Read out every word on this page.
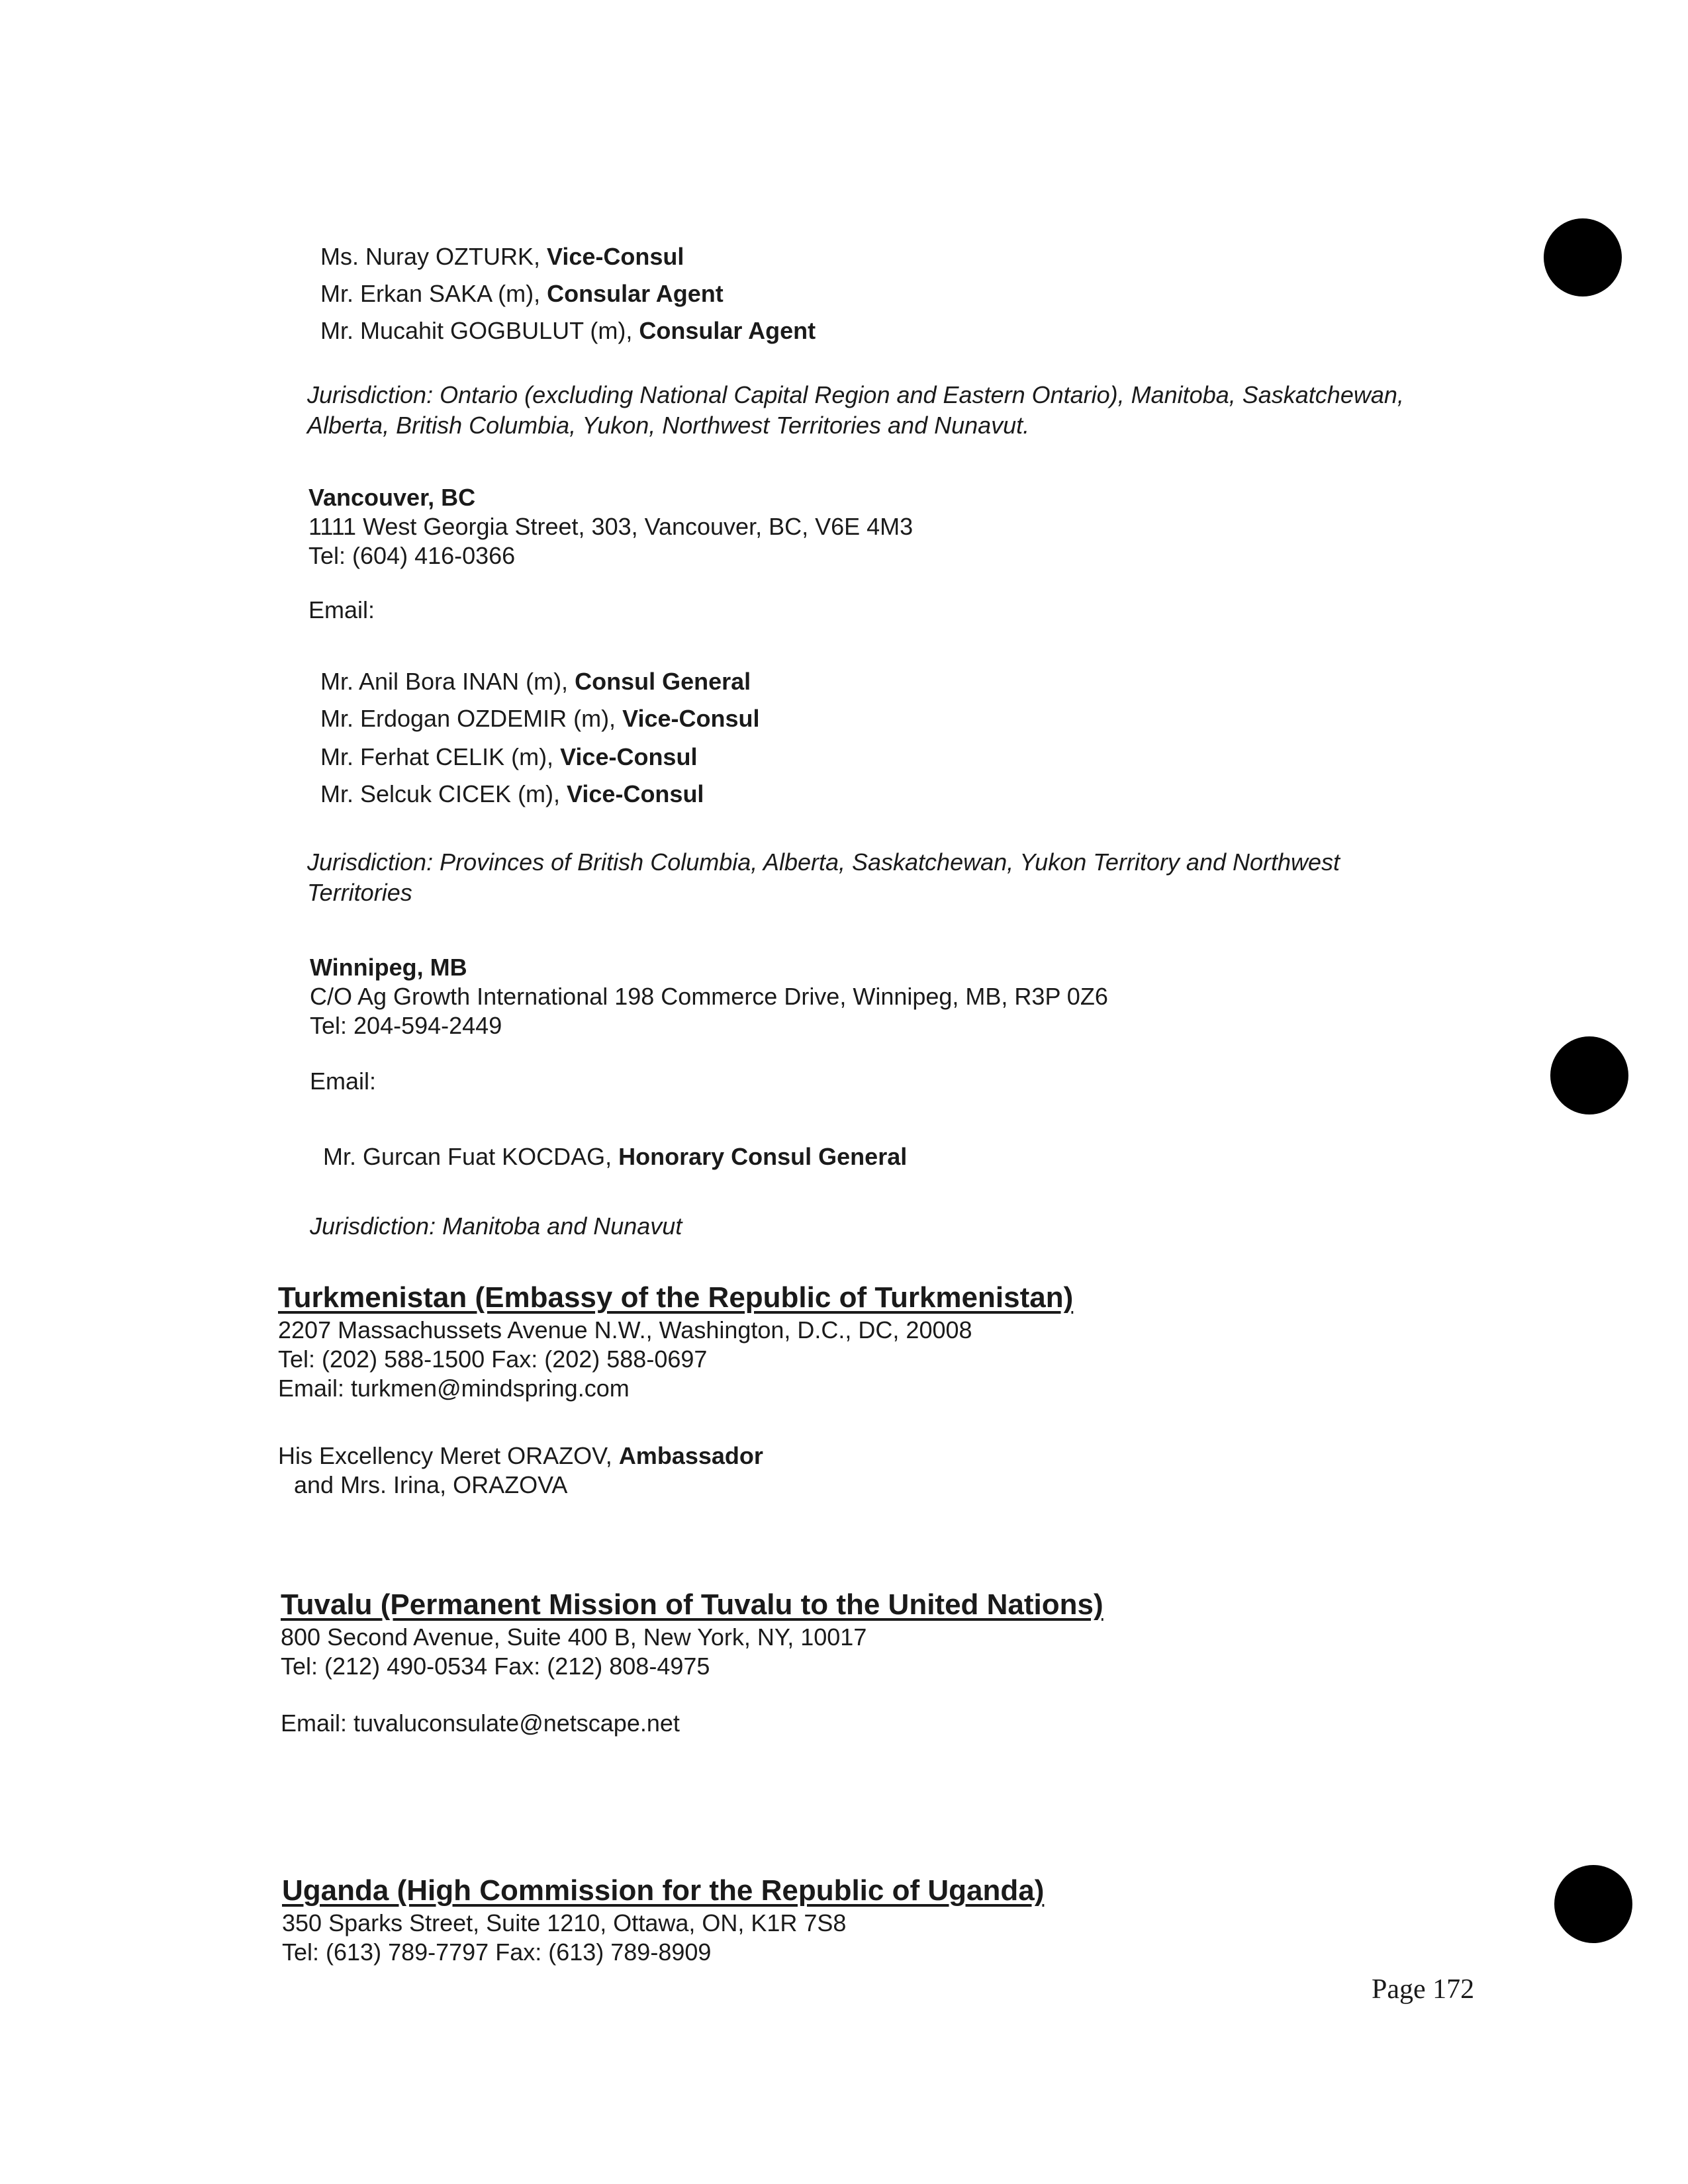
Ms. Nuray OZTURK, Vice-Consul
Mr. Erkan SAKA (m), Consular Agent
Mr. Mucahit GOGBULUT (m), Consular Agent
Jurisdiction: Ontario (excluding National Capital Region and Eastern Ontario), Manitoba, Saskatchewan, Alberta, British Columbia, Yukon, Northwest Territories and Nunavut.
Vancouver, BC
1111 West Georgia Street, 303, Vancouver, BC, V6E 4M3
Tel: (604) 416-0366
Email:
Mr. Anil Bora INAN (m), Consul General
Mr. Erdogan OZDEMIR (m), Vice-Consul
Mr. Ferhat CELIK (m), Vice-Consul
Mr. Selcuk CICEK (m), Vice-Consul
Jurisdiction: Provinces of British Columbia, Alberta, Saskatchewan, Yukon Territory and Northwest Territories
Winnipeg, MB
C/O Ag Growth International 198 Commerce Drive, Winnipeg, MB, R3P 0Z6
Tel: 204-594-2449
Email:
Mr. Gurcan Fuat KOCDAG, Honorary Consul General
Jurisdiction: Manitoba and Nunavut
Turkmenistan (Embassy of the Republic of Turkmenistan)
2207 Massachussets Avenue N.W., Washington, D.C., DC, 20008
Tel: (202) 588-1500 Fax: (202) 588-0697
Email: turkmen@mindspring.com
His Excellency Meret ORAZOV, Ambassador
and Mrs. Irina, ORAZOVA
Tuvalu (Permanent Mission of Tuvalu to the United Nations)
800 Second Avenue, Suite 400 B, New York, NY, 10017
Tel: (212) 490-0534 Fax: (212) 808-4975
Email: tuvaluconsulate@netscape.net
Uganda (High Commission for the Republic of Uganda)
350 Sparks Street, Suite 1210, Ottawa, ON, K1R 7S8
Tel: (613) 789-7797 Fax: (613) 789-8909
Page 172
